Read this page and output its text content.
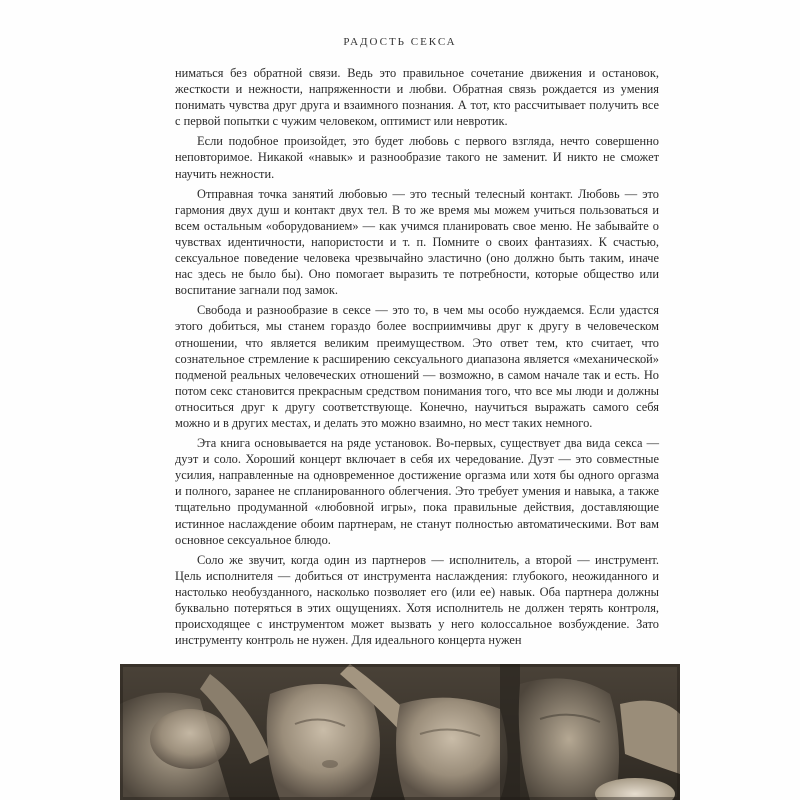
РАДОСТЬ СЕКСА

ниматься без обратной связи. Ведь это правильное сочетание движения и остановок, жесткости и нежности, напряженности и любви. Обратная связь рождается из умения понимать чувства друг друга и взаимного познания. А тот, кто рассчитывает получить все с первой попытки с чужим человеком, оптимист или невротик.

Если подобное произойдет, это будет любовь с первого взгляда, нечто совершенно неповторимое. Никакой «навык» и разнообразие такого не заменит. И никто не сможет научить нежности.

Отправная точка занятий любовью — это тесный телесный контакт. Любовь — это гармония двух душ и контакт двух тел. В то же время мы можем учиться пользоваться и всем остальным «оборудованием» — как учимся планировать свое меню. Не забывайте о чувствах идентичности, напористости и т. п. Помните о своих фантазиях. К счастью, сексуальное поведение человека чрезвычайно эластично (оно должно быть таким, иначе нас здесь не было бы). Оно помогает выразить те потребности, которые общество или воспитание загнали под замок.

Свобода и разнообразие в сексе — это то, в чем мы особо нуждаемся. Если удастся этого добиться, мы станем гораздо более восприимчивы друг к другу в человеческом отношении, что является великим преимуществом. Это ответ тем, кто считает, что сознательное стремление к расширению сексуального диапазона является «механической» подменой реальных человеческих отношений — возможно, в самом начале так и есть. Но потом секс становится прекрасным средством понимания того, что все мы люди и должны относиться друг к другу соответствующе. Конечно, научиться выражать самого себя можно и в других местах, и делать это можно взаимно, но мест таких немного.

Эта книга основывается на ряде установок. Во-первых, существует два вида секса — дуэт и соло. Хороший концерт включает в себя их чередование. Дуэт — это совместные усилия, направленные на одновременное достижение оргазма или хотя бы одного оргазма и полного, заранее не спланированного облегчения. Это требует умения и навыка, а также тщательно продуманной «любовной игры», пока правильные действия, доставляющие истинное наслаждение обоим партнерам, не станут полностью автоматическими. Вот вам основное сексуальное блюдо.

Соло же звучит, когда один из партнеров — исполнитель, а второй — инструмент. Цель исполнителя — добиться от инструмента наслаждения: глубокого, неожиданного и настолько необузданного, насколько позволяет его (или ее) навык. Оба партнера должны буквально потеряться в этих ощущениях. Хотя исполнитель не должен терять контроля, происходящее с инструментом может вызвать у него колоссальное возбуждение. Зато инструменту контроль не нужен. Для идеального концерта нужен
